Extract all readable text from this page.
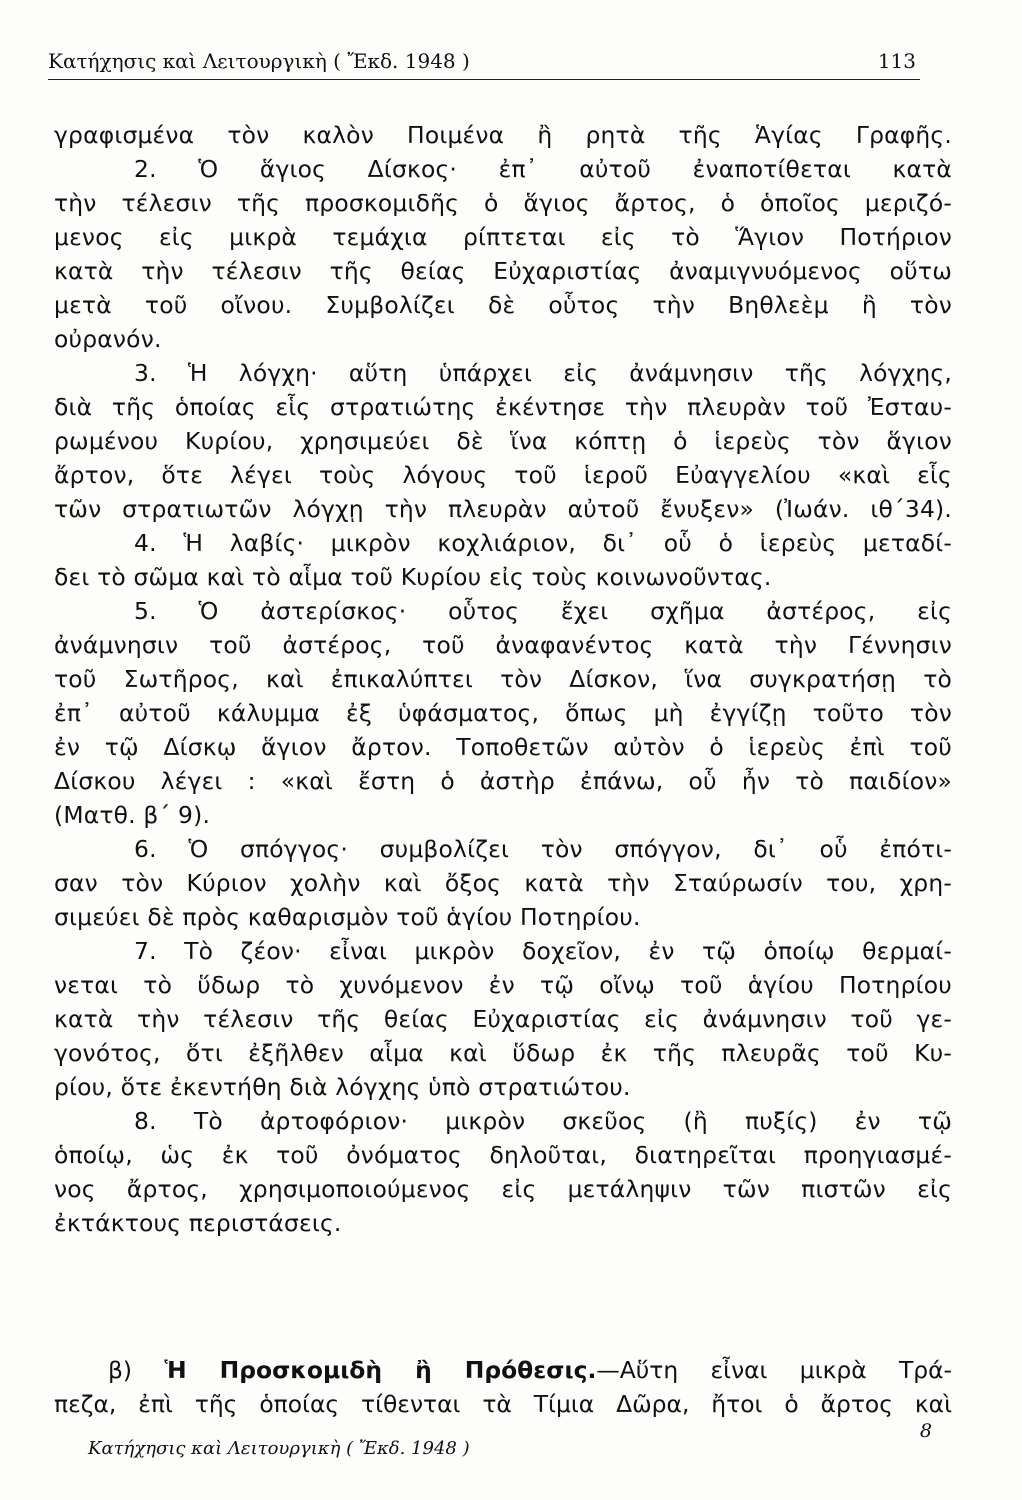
Κατήχησις καὶ Λειτουργικὴ ( Ἔκδ. 1948 )	113
γραφισμένα τὸν καλὸν Ποιμένα ἢ ρητὰ τῆς Ἁγίας Γραφῆς.
2. Ὁ ἅγιος Δίσκος· ἐπ᾽ αὐτοῦ ἐναποτίθεται κατὰ
τὴν τέλεσιν τῆς προσκομιδῆς ὁ ἅγιος ἄρτος, ὁ ὁποῖος μεριζό-
μενος εἰς μικρὰ τεμάχια ρίπτεται εἰς τὸ Ἅγιον Ποτήριον
κατὰ τὴν τέλεσιν τῆς θείας Εὐχαριστίας ἀναμιγνυόμενος οὕτω
μετὰ τοῦ οἴνου. Συμβολίζει δὲ οὗτος τὴν Βηθλεὲμ ἢ τὸν
οὐρανόν.
3. Ἡ λόγχη· αὕτη ὑπάρχει εἰς ἀνάμνησιν τῆς λόγχης,
διὰ τῆς ὁποίας εἷς στρατιώτης ἐκέντησε τὴν πλευρὰν τοῦ Ἐσταυ-
ρωμένου Κυρίου, χρησιμεύει δὲ ἵνα κόπτῃ ὁ ἱερεὺς τὸν ἅγιον
ἄρτον, ὅτε λέγει τοὺς λόγους τοῦ ἱεροῦ Εὐαγγελίου «καὶ εἷς
τῶν στρατιωτῶν λόγχῃ τὴν πλευρὰν αὐτοῦ ἔνυξεν» (Ἰωάν. ιθ´34).
4. Ἡ λαβίς· μικρὸν κοχλιάριον, δι᾽ οὗ ὁ ἱερεὺς μεταδί-
δει τὸ σῶμα καὶ τὸ αἷμα τοῦ Κυρίου εἰς τοὺς κοινωνοῦντας.
5. Ὁ ἀστερίσκος· οὗτος ἔχει σχῆμα ἀστέρος, εἰς
ἀνάμνησιν τοῦ ἀστέρος, τοῦ ἀναφανέντος κατὰ τὴν Γέννησιν
τοῦ Σωτῆρος, καὶ ἐπικαλύπτει τὸν Δίσκον, ἵνα συγκρατήσῃ τὸ
ἐπ᾽ αὐτοῦ κάλυμμα ἐξ ὑφάσματος, ὅπως μὴ ἐγγίζῃ τοῦτο τὸν
ἐν τῷ Δίσκῳ ἅγιον ἄρτον. Τοποθετῶν αὐτὸν ὁ ἱερεὺς ἐπὶ τοῦ
Δίσκου λέγει : «καὶ ἔστη ὁ ἀστὴρ ἐπάνω, οὗ ἦν τὸ παιδίον»
(Ματθ. β´ 9).
6. Ὁ σπόγγος· συμβολίζει τὸν σπόγγον, δι᾽ οὗ ἐπότι-
σαν τὸν Κύριον χολὴν καὶ ὄξος κατὰ τὴν Σταύρωσίν του, χρη-
σιμεύει δὲ πρὸς καθαρισμὸν τοῦ ἁγίου Ποτηρίου.
7. Τὸ ζέον· εἶναι μικρὸν δοχεῖον, ἐν τῷ ὁποίῳ θερμαί-
νεται τὸ ὕδωρ τὸ χυνόμενον ἐν τῷ οἴνῳ τοῦ ἁγίου Ποτηρίου
κατὰ τὴν τέλεσιν τῆς θείας Εὐχαριστίας εἰς ἀνάμνησιν τοῦ γε-
γονότος, ὅτι ἐξῆλθεν αἷμα καὶ ὕδωρ ἐκ τῆς πλευρᾶς τοῦ Κυ-
ρίου, ὅτε ἐκεντήθη διὰ λόγχης ὑπὸ στρατιώτου.
8. Τὸ ἀρτοφόριον· μικρὸν σκεῦος (ἢ πυξίς) ἐν τῷ
ὁποίῳ, ὡς ἐκ τοῦ ὀνόματος δηλοῦται, διατηρεῖται προηγιασμέ-
νος ἄρτος, χρησιμοποιούμενος εἰς μετάληψιν τῶν πιστῶν εἰς
ἐκτάκτους περιστάσεις.
β) Ἡ Προσκομιδὴ ἢ Πρόθεσις.—Αὕτη εἶναι μικρὰ Τρά-
πεζα, ἐπὶ τῆς ὁποίας τίθενται τὰ Τίμια Δῶρα, ἤτοι ὁ ἄρτος καὶ
Κατήχησις καὶ Λειτουργικὴ ( Ἔκδ. 1948 )
8
